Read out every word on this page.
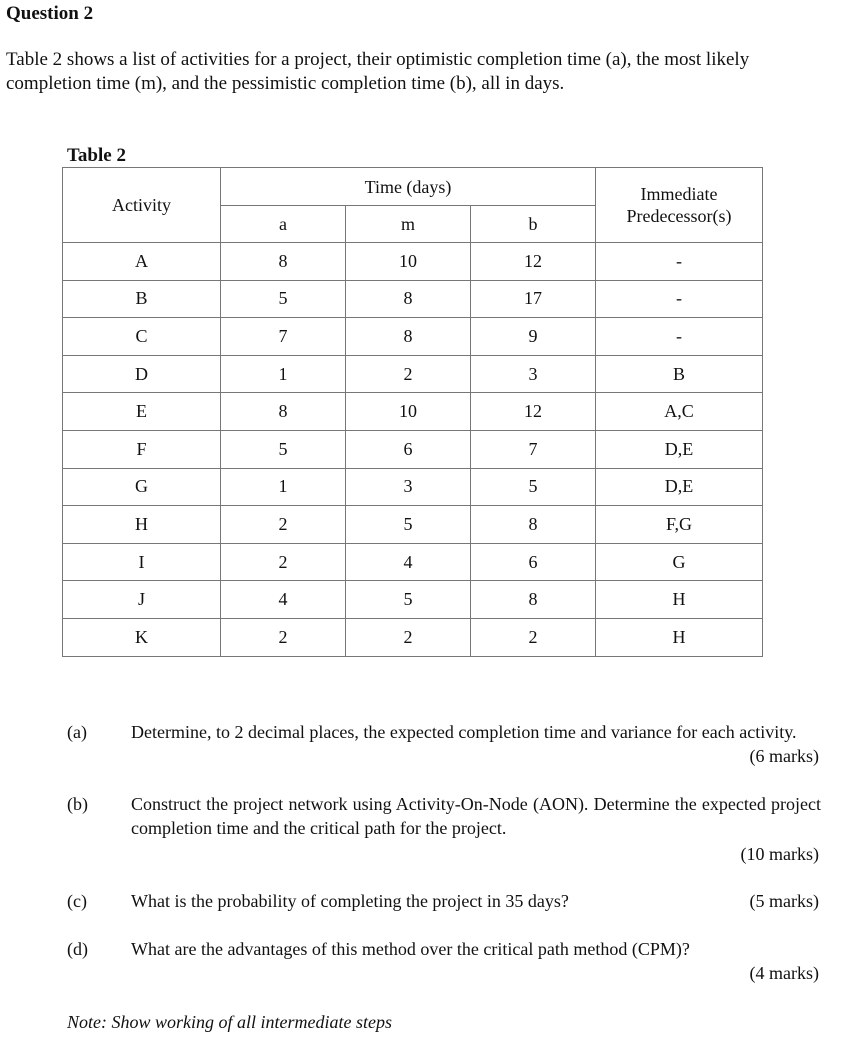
Question 2
Table 2 shows a list of activities for a project, their optimistic completion time (a), the most likely completion time (m), and the pessimistic completion time (b), all in days.
Table 2
Activity	Time (days)			Immediate
Predecessor(s)

	a	m	b	
A	8	10	12	-
B	5	8	17	-
C	7	8	9	-
D	1	2	3	B
E	8	10	12	A,C
F	5	6	7	D,E
G	1	3	5	D,E
H	2	5	8	F,G
I	2	4	6	G
J	4	5	8	H
K	2	2	2	H
(a) Determine, to 2 decimal places, the expected completion time and variance for each activity.
(6 marks)
(b) Construct the project network using Activity-On-Node (AON). Determine the expected project completion time and the critical path for the project.
(10 marks)
(c) What is the probability of completing the project in 35 days?	(5 marks)
(d) What are the advantages of this method over the critical path method (CPM)?
(4 marks)
Note: Show working of all intermediate steps
